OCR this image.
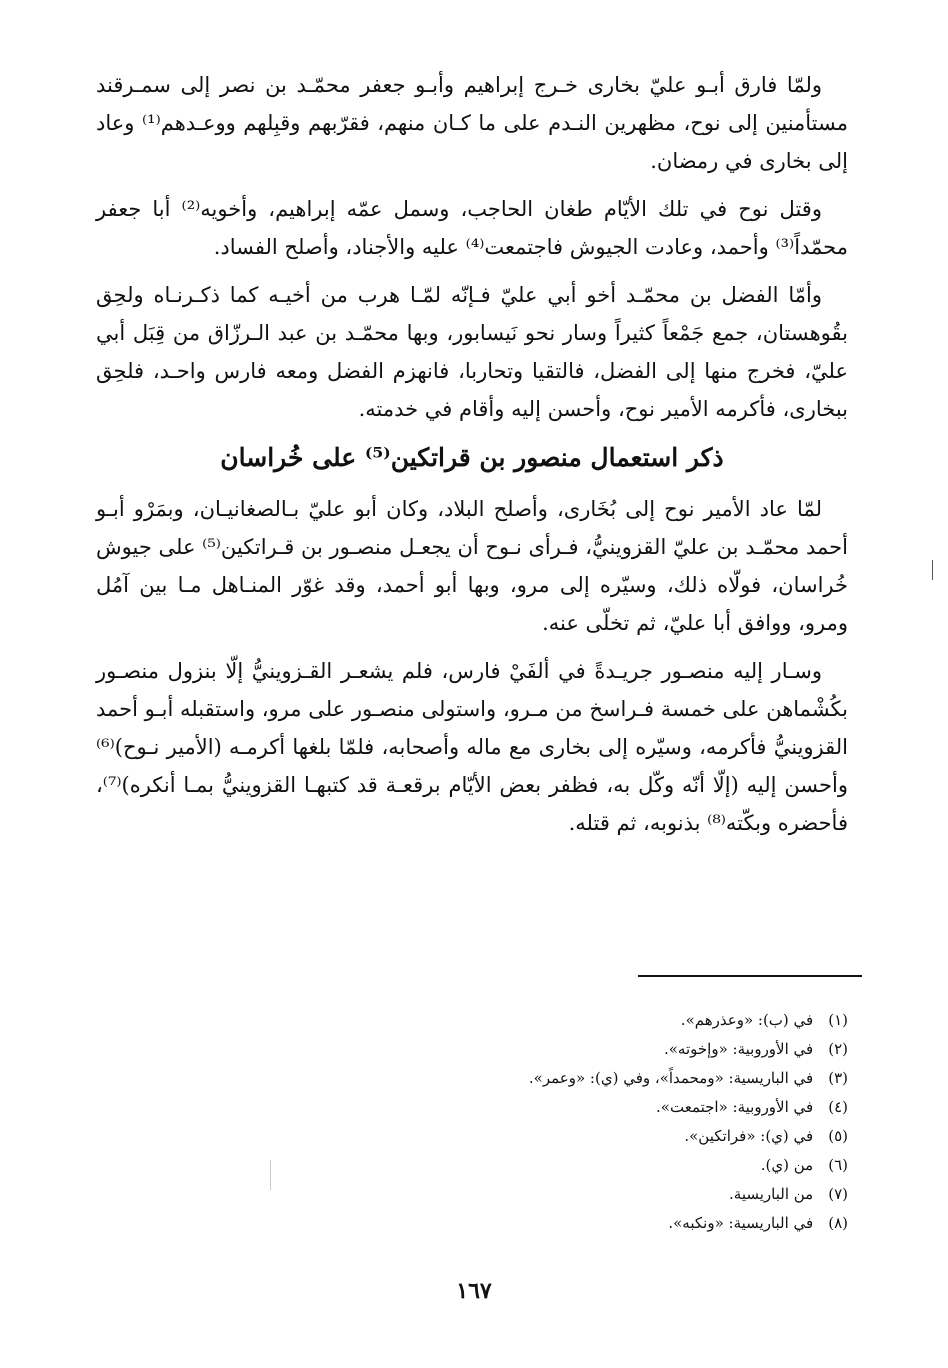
ولمّا فارق أبـو عليّ بخارى خـرج إبراهيم وأبـو جعفر محمّـد بن نصر إلى سمـرقند مستأمنين إلى نوح، مظهرين النـدم على ما كـان منهم، فقرّبهم وقبِلهم ووعـدهم⁽¹⁾ وعاد إلى بخارى في رمضان.

وقتل نوح في تلك الأيّام طغان الحاجب، وسمل عمّه إبراهيم، وأخويه⁽²⁾ أبا جعفر محمّداً⁽³⁾ وأحمد، وعادت الجيوش فاجتمعت⁽⁴⁾ عليه والأجناد، وأصلح الفساد.

وأمّا الفضل بن محمّـد أخو أبي عليّ فـإنّه لمّـا هرب من أخيـه كما ذكـرنـاه ولحِق بقُوهستان، جمع جَمْعاً كثيراً وسار نحو نَيسابور، وبها محمّـد بن عبد الـرزّاق من قِبَل أبي عليّ، فخرج منها إلى الفضل، فالتقيا وتحاربا، فانهزم الفضل ومعه فارس واحـد، فلحِق ببخارى، فأكرمه الأمير نوح، وأحسن إليه وأقام في خدمته.

ذكر استعمال منصور بن قراتكين⁽⁵⁾ على خُراسان

لمّا عاد الأمير نوح إلى بُخَارى، وأصلح البلاد، وكان أبو عليّ بـالصغانيـان، وبمَرْو أبـو أحمد محمّـد بن عليّ القزوينيُّ، فـرأى نـوح أن يجعـل منصـور بن قـراتكين⁽⁵⁾ على جيوش خُراسان، فولّاه ذلك، وسيّره إلى مرو، وبها أبو أحمد، وقد غوّر المنـاهل مـا بين آمُل ومرو، ووافق أبا عليّ، ثم تخلّى عنه.

وسـار إليه منصـور جريـدةً في ألفَيْ فارس، فلم يشعـر القـزوينيُّ إلّا بنزول منصـور بكُشْماهن على خمسة فـراسخ من مـرو، واستولى منصـور على مرو، واستقبله أبـو أحمد القزوينيُّ فأكرمه، وسيّره إلى بخارى مع ماله وأصحابه، فلمّا بلغها أكرمـه (الأمير نـوح)⁽⁶⁾ وأحسن إليه (إلّا أنّه وكّل به، فظفر بعض الأيّام برقعـة قد كتبهـا القزوينيُّ بمـا أنكره)⁽⁷⁾، فأحضره وبكّته⁽⁸⁾ بذنوبه، ثم قتله.

(١) في (ب): «وعذرهم».
(٢) في الأوروبية: «وإخوته».
(٣) في الباريسية: «ومحمداً»، وفي (ي): «وعمر».
(٤) في الأوروبية: «اجتمعت».
(٥) في (ي): «فراتكين».
(٦) من (ي).
(٧) من الباريسية.
(٨) في الباريسية: «ونكبه».
١٦٧
